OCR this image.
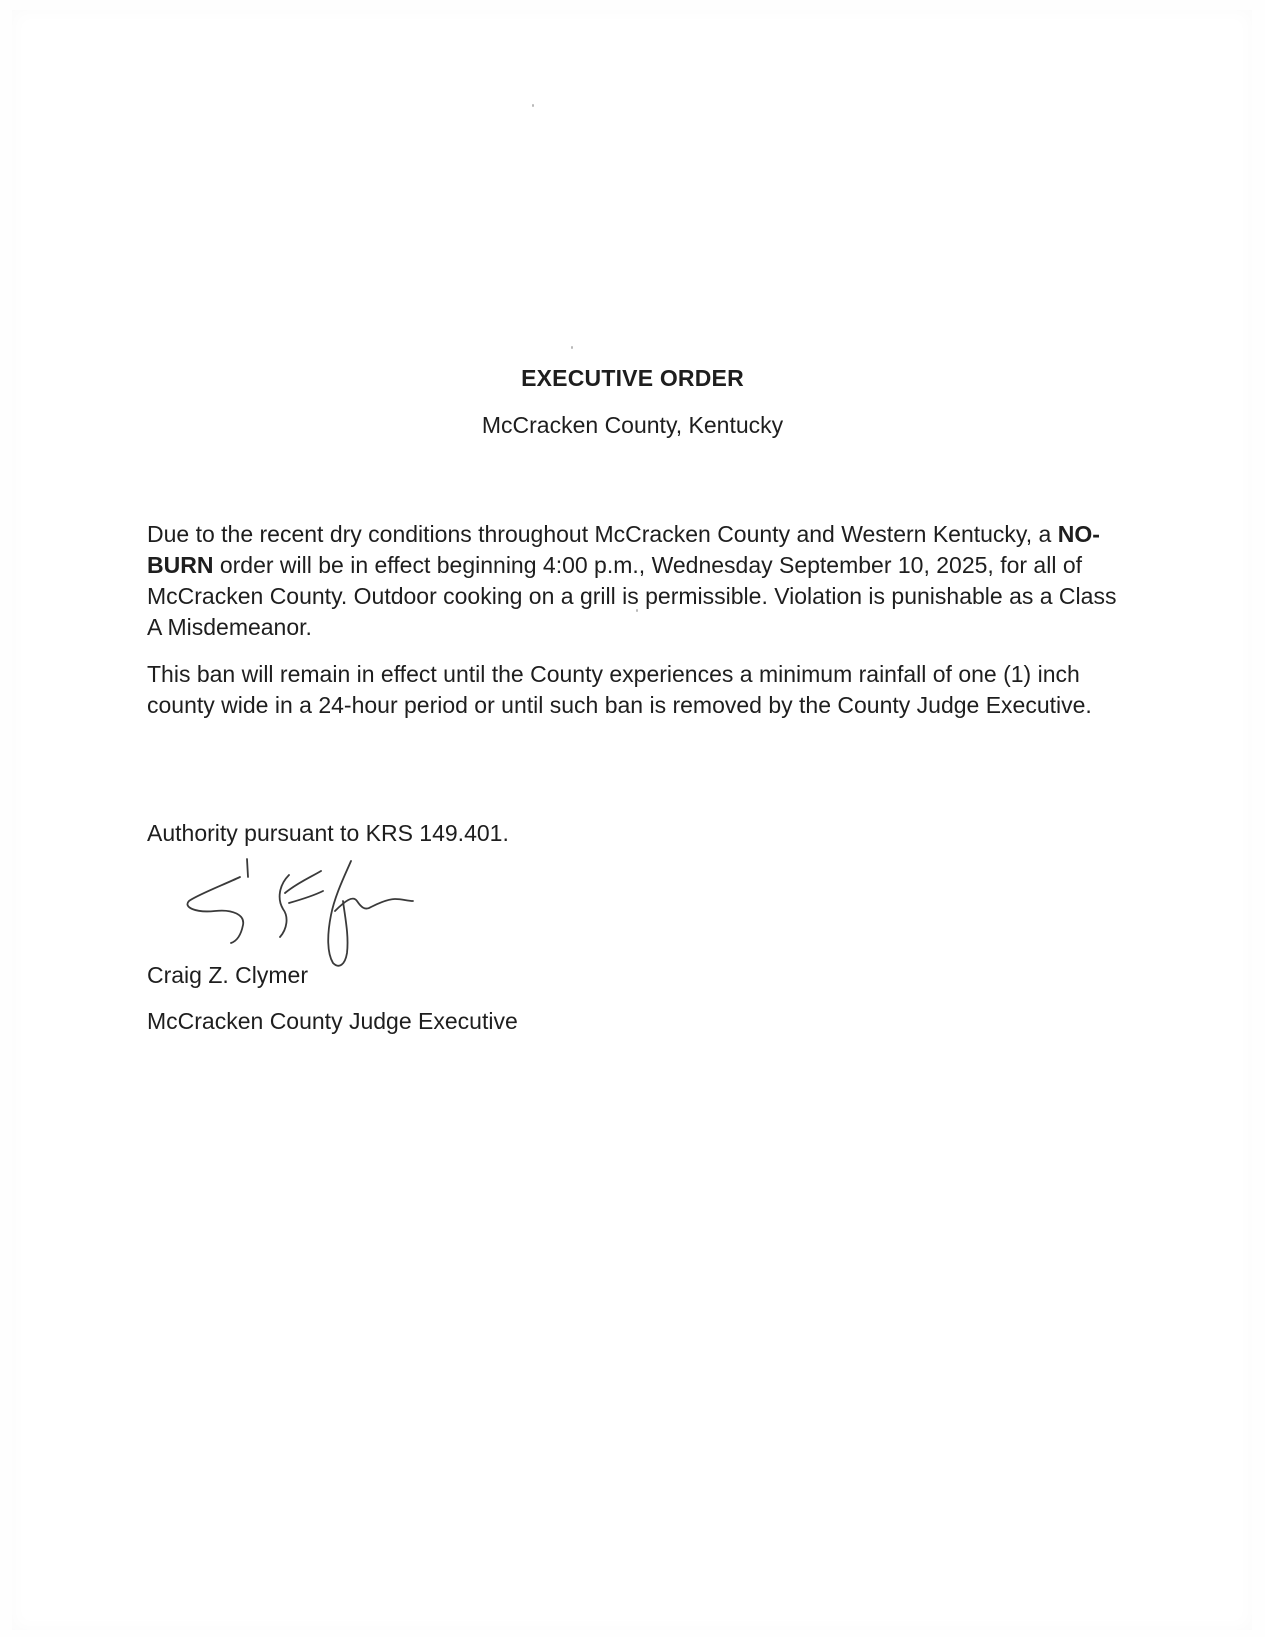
EXECUTIVE ORDER
McCracken County, Kentucky

Due to the recent dry conditions throughout McCracken County and Western Kentucky, a NO-BURN order will be in effect beginning 4:00 p.m., Wednesday September 10, 2025, for all of McCracken County. Outdoor cooking on a grill is permissible. Violation is punishable as a Class A Misdemeanor.

This ban will remain in effect until the County experiences a minimum rainfall of one (1) inch county wide in a 24-hour period or until such ban is removed by the County Judge Executive.

Authority pursuant to KRS 149.401.
Craig Z. Clymer
McCracken County Judge Executive
